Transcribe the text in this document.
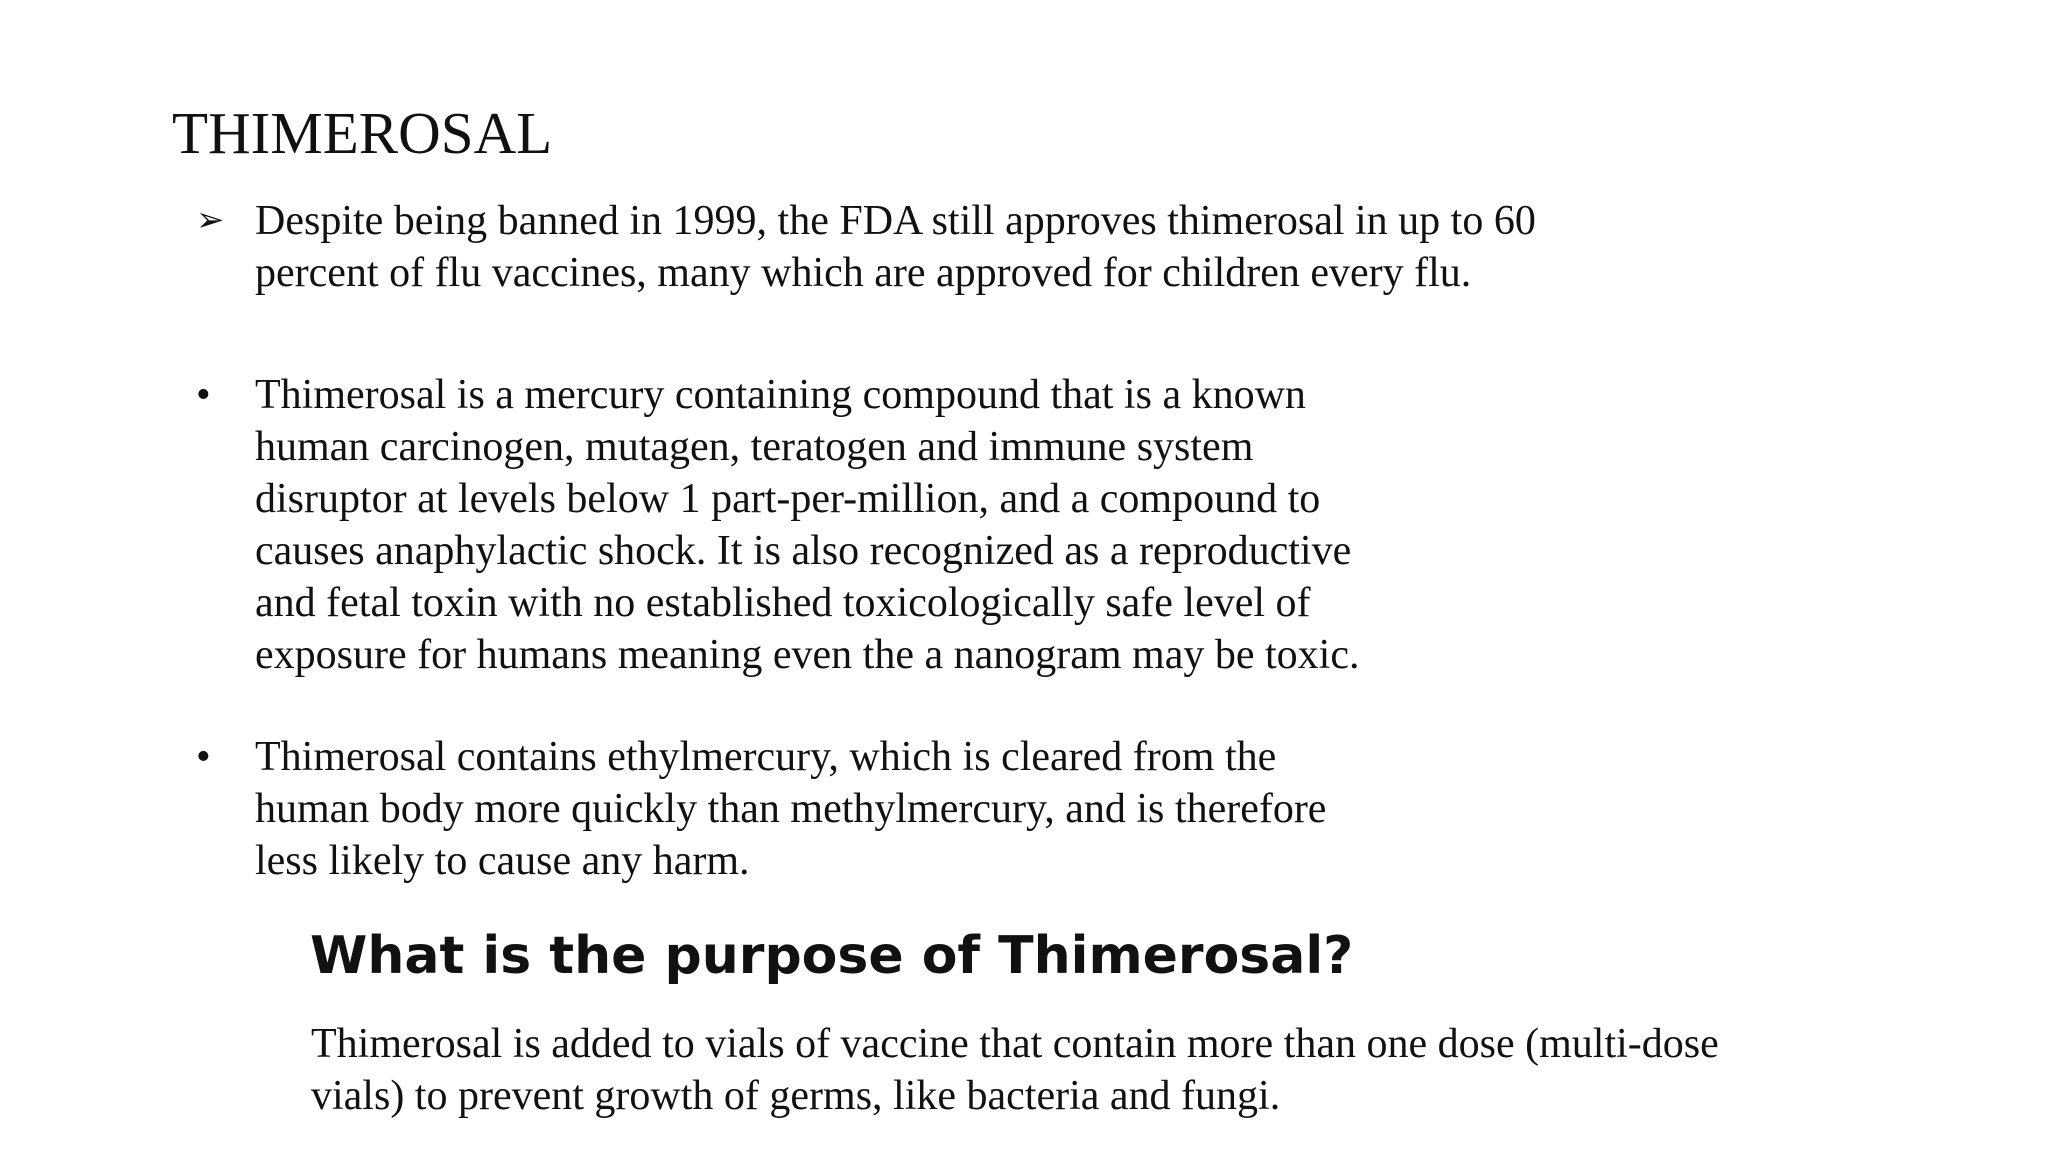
THIMEROSAL
➢ Despite being banned in 1999, the FDA still approves thimerosal in up to 60
percent of flu vaccines, many which are approved for children every flu.
•	Thimerosal is a mercury containing compound that is a known
human carcinogen, mutagen, teratogen and immune system
disruptor at levels below 1 part-per-million, and a compound to
causes anaphylactic shock. It is also recognized as a reproductive
and fetal toxin with no established toxicologically safe level of
exposure for humans meaning even the a nanogram may be toxic.
•	Thimerosal contains ethylmercury, which is cleared from the
human body more quickly than methylmercury, and is therefore
less likely to cause any harm.
What is the purpose of Thimerosal?
Thimerosal is added to vials of vaccine that contain more than one dose (multi-dose
vials) to prevent growth of germs, like bacteria and fungi.
